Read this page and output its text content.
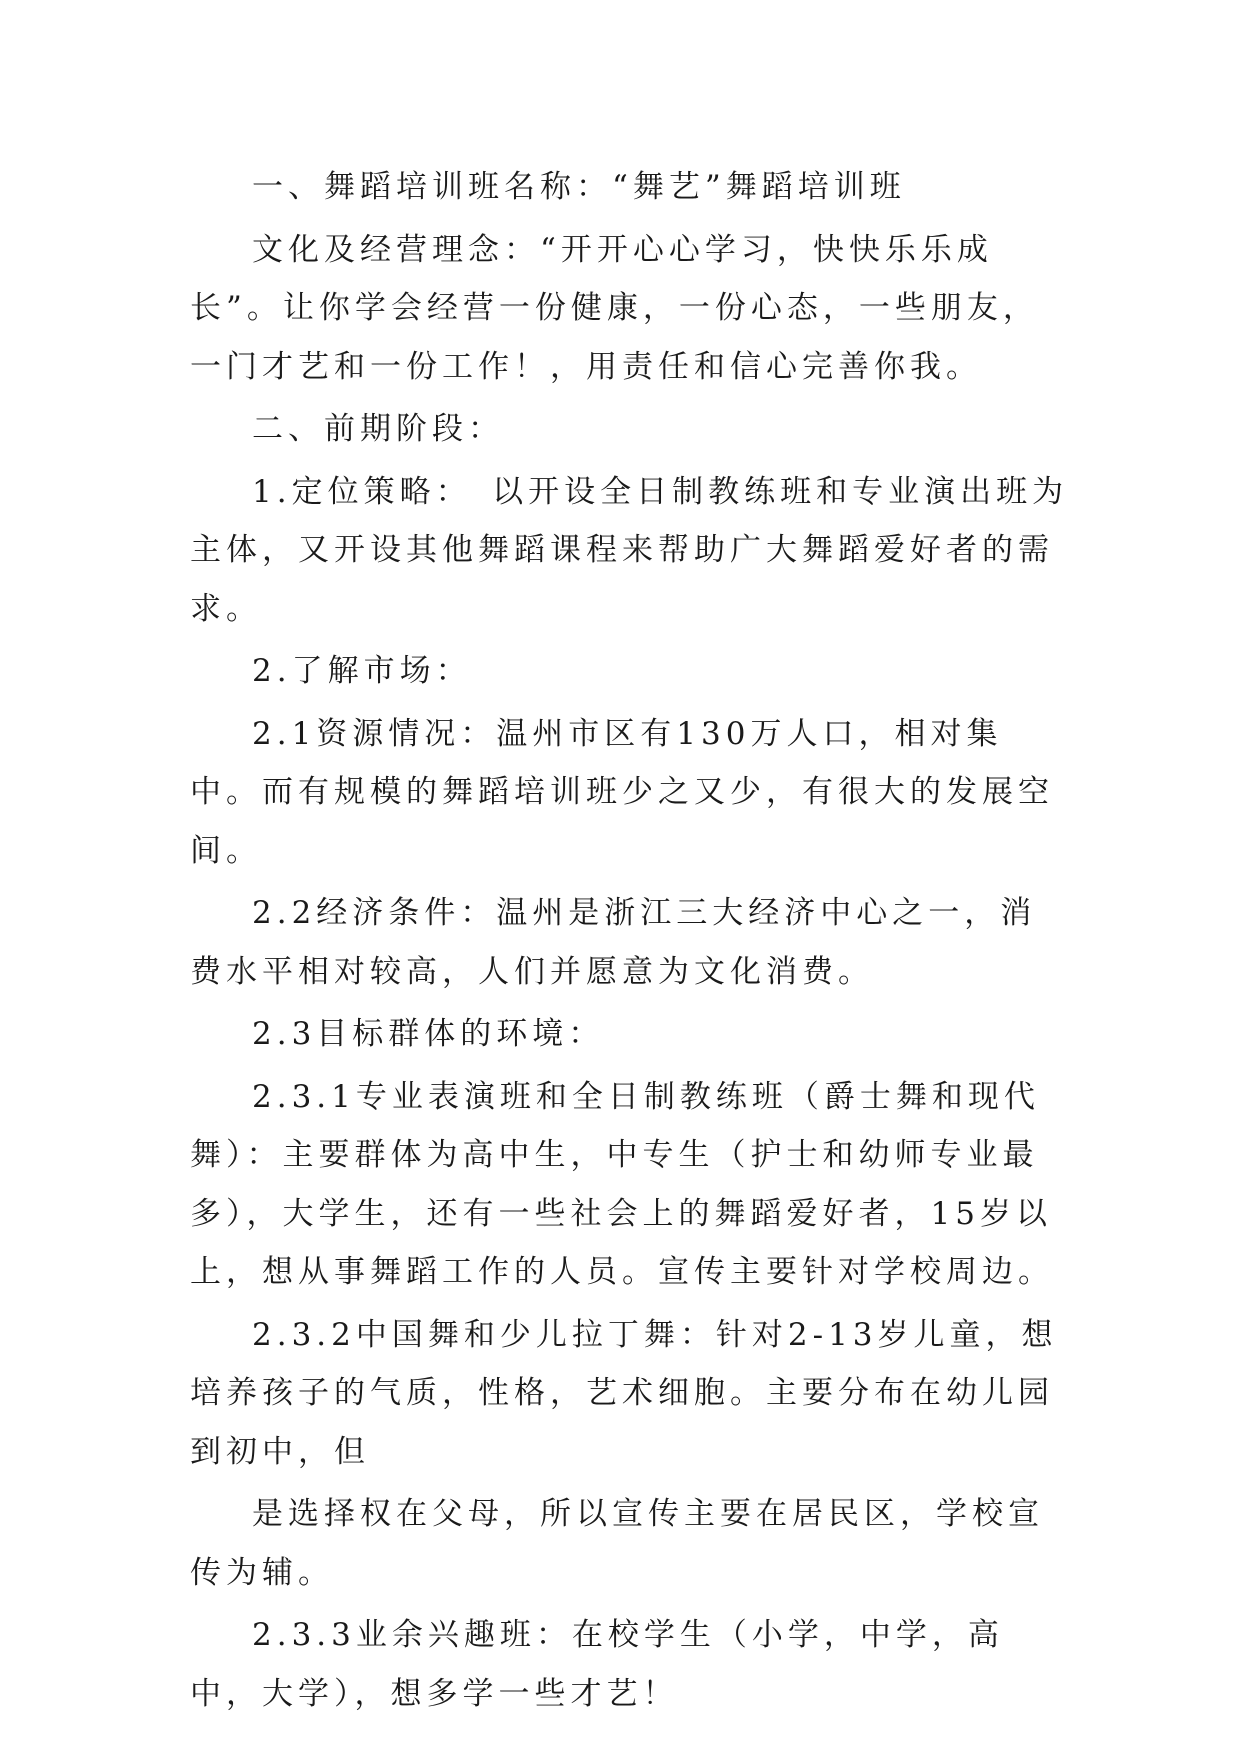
一、舞蹈培训班名称：“舞艺”舞蹈培训班

文化及经营理念：“开开心心学习，快快乐乐成长”。让你学会经营一份健康，一份心态，一些朋友，一门才艺和一份工作！，用责任和信心完善你我。

二、前期阶段：

1.定位策略：　以开设全日制教练班和专业演出班为主体，又开设其他舞蹈课程来帮助广大舞蹈爱好者的需求。

2.了解市场：

2.1资源情况：温州市区有130万人口，相对集中。而有规模的舞蹈培训班少之又少，有很大的发展空间。

2.2经济条件：温州是浙江三大经济中心之一，消费水平相对较高，人们并愿意为文化消费。

2.3目标群体的环境：

2.3.1专业表演班和全日制教练班（爵士舞和现代舞）：主要群体为高中生，中专生（护士和幼师专业最多），大学生，还有一些社会上的舞蹈爱好者，15岁以上，想从事舞蹈工作的人员。宣传主要针对学校周边。

2.3.2中国舞和少儿拉丁舞：针对2-13岁儿童，想培养孩子的气质，性格，艺术细胞。主要分布在幼儿园到初中，但

是选择权在父母，所以宣传主要在居民区，学校宣传为辅。

2.3.3业余兴趣班：在校学生（小学，中学，高中，大学），想多学一些才艺！
